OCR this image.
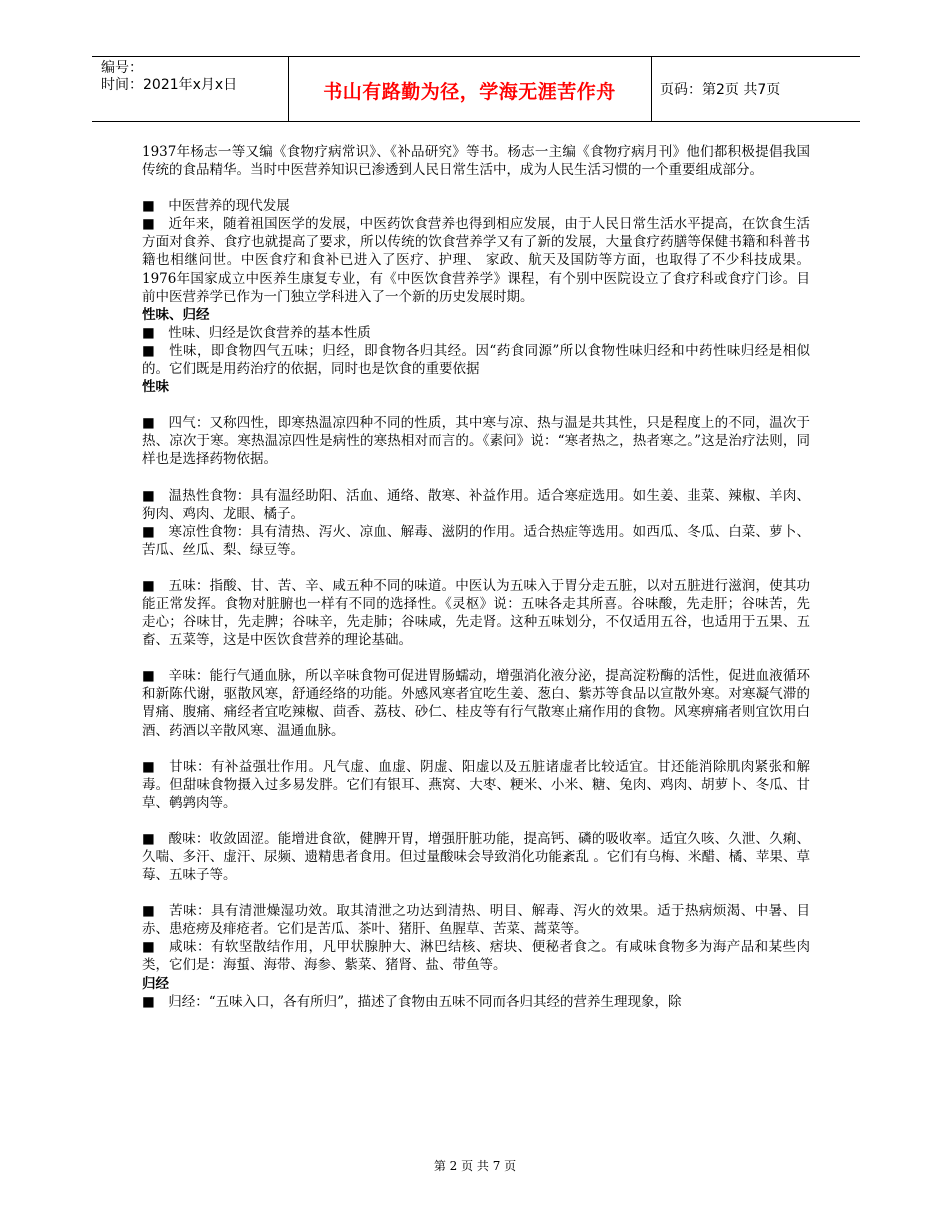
编号：
时间：2021年x月x日	书山有路勤为径，学海无涯苦作舟	页码：第2页 共7页

1937年杨志一等又编《食物疗病常识》、《补品研究》等书。杨志一主编《食物疗病月刊》他们都积极提倡我国传统的食品精华。当时中医营养知识已渗透到人民日常生活中，成为人民生活习惯的一个重要组成部分。

■　中医营养的现代发展

■　近年来，随着祖国医学的发展，中医药饮食营养也得到相应发展，由于人民日常生活水平提高，在饮食生活方面对食养、食疗也就提高了要求，所以传统的饮食营养学又有了新的发展，大量食疗药膳等保健书籍和科普书籍也相继问世。中医食疗和食补已进入了医疗、护理、 家政、航天及国防等方面，也取得了不少科技成果。1976年国家成立中医养生康复专业，有《中医饮食营养学》课程，有个别中医院设立了食疗科或食疗门诊。目前中医营养学已作为一门独立学科进入了一个新的历史发展时期。

性味、归经

■　性味、归经是饮食营养的基本性质

■　性味，即食物四气五味；归经，即食物各归其经。因“药食同源”所以食物性味归经和中药性味归经是相似的。它们既是用药治疗的依据，同时也是饮食的重要依据

性味

■　四气：又称四性，即寒热温凉四种不同的性质，其中寒与凉、热与温是共其性，只是程度上的不同，温次于热、凉次于寒。寒热温凉四性是病性的寒热相对而言的。《素问》说：“寒者热之，热者寒之。”这是治疗法则，同样也是选择药物依据。

■　温热性食物：具有温经助阳、活血、通络、散寒、补益作用。适合寒症选用。如生姜、韭菜、辣椒、羊肉、狗肉、鸡肉、龙眼、橘子。

■　寒凉性食物：具有清热、泻火、凉血、解毒、滋阴的作用。适合热症等选用。如西瓜、冬瓜、白菜、萝卜、苦瓜、丝瓜、梨、绿豆等。

■　五味：指酸、甘、苦、辛、咸五种不同的味道。中医认为五味入于胃分走五脏，以对五脏进行滋润，使其功能正常发挥。食物对脏腑也一样有不同的选择性。《灵枢》说：五味各走其所喜。谷味酸，先走肝；谷味苦，先走心；谷味甘，先走脾；谷味辛，先走肺；谷味咸，先走肾。这种五味划分，不仅适用五谷，也适用于五果、五畜、五菜等，这是中医饮食营养的理论基础。

■　辛味：能行气通血脉，所以辛味食物可促进胃肠蠕动，增强消化液分泌，提高淀粉酶的活性，促进血液循环和新陈代谢，驱散风寒，舒通经络的功能。外感风寒者宜吃生姜、葱白、紫苏等食品以宣散外寒。对寒凝气滞的胃痛、腹痛、痛经者宜吃辣椒、茴香、荔枝、砂仁、桂皮等有行气散寒止痛作用的食物。风寒痹痛者则宜饮用白酒、药酒以辛散风寒、温通血脉。

■　甘味：有补益强壮作用。凡气虚、血虚、阴虚、阳虚以及五脏诸虚者比较适宜。甘还能消除肌肉紧张和解毒。但甜味食物摄入过多易发胖。它们有银耳、燕窝、大枣、粳米、小米、糖、兔肉、鸡肉、胡萝卜、冬瓜、甘草、鹌鹑肉等。

■　酸味：收敛固涩。能增进食欲，健脾开胃，增强肝脏功能，提高钙、磷的吸收率。适宜久咳、久泄、久痢、久喘、多汗、虚汗、尿频、遗精患者食用。但过量酸味会导致消化功能紊乱 。它们有乌梅、米醋、橘、苹果、草莓、五味子等。

■　苦味：具有清泄燥湿功效。取其清泄之功达到清热、明目、解毒、泻火的效果。适于热病烦渴、中暑、目赤、患疮痨及痱疮者。它们是苦瓜、茶叶、猪肝、鱼腥草、苦菜、蒿菜等。

■　咸味：有软坚散结作用，凡甲状腺肿大、淋巴结核、痞块、便秘者食之。有咸味食物多为海产品和某些肉类，它们是：海蜇、海带、海参、紫菜、猪肾、盐、带鱼等。

归经

■　归经：“五味入口，各有所归”，描述了食物由五味不同而各归其经的营养生理现象，除

第 2 页 共 7 页
